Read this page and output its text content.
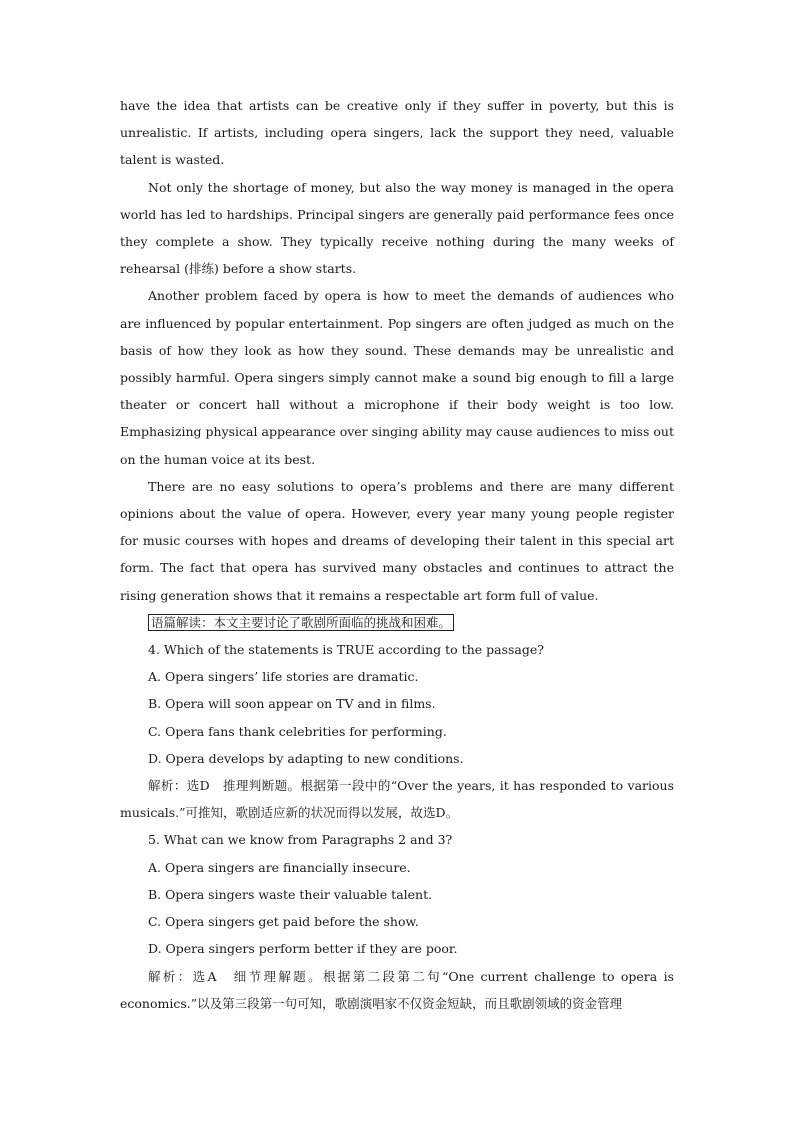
have the idea that artists can be creative only if they suffer in poverty, but this is unrealistic. If artists, including opera singers, lack the support they need, valuable talent is wasted.

Not only the shortage of money, but also the way money is managed in the opera world has led to hardships. Principal singers are generally paid performance fees once they complete a show. They typically receive nothing during the many weeks of rehearsal (排练) before a show starts.

Another problem faced by opera is how to meet the demands of audiences who are influenced by popular entertainment. Pop singers are often judged as much on the basis of how they look as how they sound. These demands may be unrealistic and possibly harmful. Opera singers simply cannot make a sound big enough to fill a large theater or concert hall without a microphone if their body weight is too low. Emphasizing physical appearance over singing ability may cause audiences to miss out on the human voice at its best.

There are no easy solutions to opera’s problems and there are many different opinions about the value of opera. However, every year many young people register for music courses with hopes and dreams of developing their talent in this special art form. The fact that opera has survived many obstacles and continues to attract the rising generation shows that it remains a respectable art form full of value.

语篇解读：本文主要讨论了歌剧所面临的挑战和困难。

4. Which of the statements is TRUE according to the passage?

A. Opera singers’ life stories are dramatic.

B. Opera will soon appear on TV and in films.

C. Opera fans thank celebrities for performing.

D. Opera develops by adapting to new conditions.

解析：选D　推理判断题。根据第一段中的“Over the years, it has responded to various musicals.”可推知，歌剧适应新的状况而得以发展，故选D。

5. What can we know from Paragraphs 2 and 3?

A. Opera singers are financially insecure.

B. Opera singers waste their valuable talent.

C. Opera singers get paid before the show.

D. Opera singers perform better if they are poor.

解析：选A　细节理解题。根据第二段第二句“One current challenge to opera is economics.”以及第三段第一句可知，歌剧演唱家不仅资金短缺，而且歌剧领域的资金管理
